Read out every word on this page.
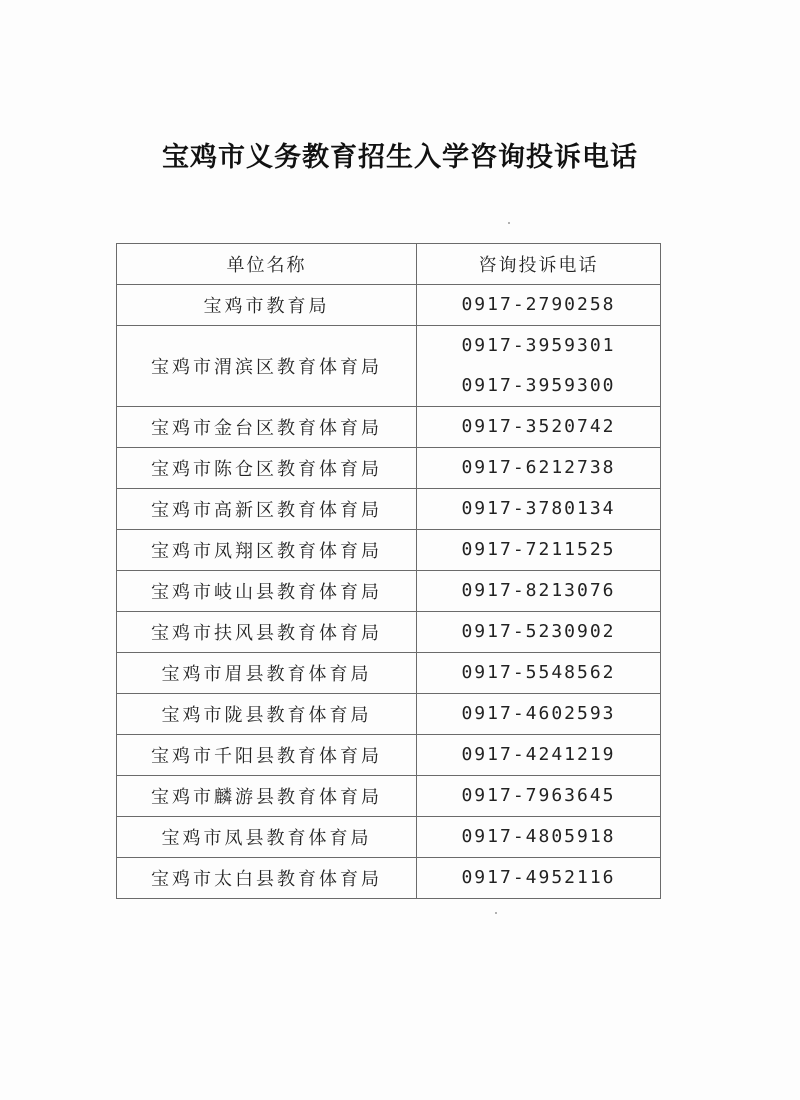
宝鸡市义务教育招生入学咨询投诉电话
单位名称	咨询投诉电话
宝鸡市教育局	0917-2790258

宝鸡市渭滨区教育体育局	0917-3959301
0917-3959300

宝鸡市金台区教育体育局	0917-3520742

宝鸡市陈仓区教育体育局	0917-6212738

宝鸡市高新区教育体育局	0917-3780134

宝鸡市凤翔区教育体育局	0917-7211525

宝鸡市岐山县教育体育局	0917-8213076

宝鸡市扶风县教育体育局	0917-5230902

宝鸡市眉县教育体育局	0917-5548562

宝鸡市陇县教育体育局	0917-4602593

宝鸡市千阳县教育体育局	0917-4241219

宝鸡市麟游县教育体育局	0917-7963645

宝鸡市凤县教育体育局	0917-4805918

宝鸡市太白县教育体育局	0917-4952116
